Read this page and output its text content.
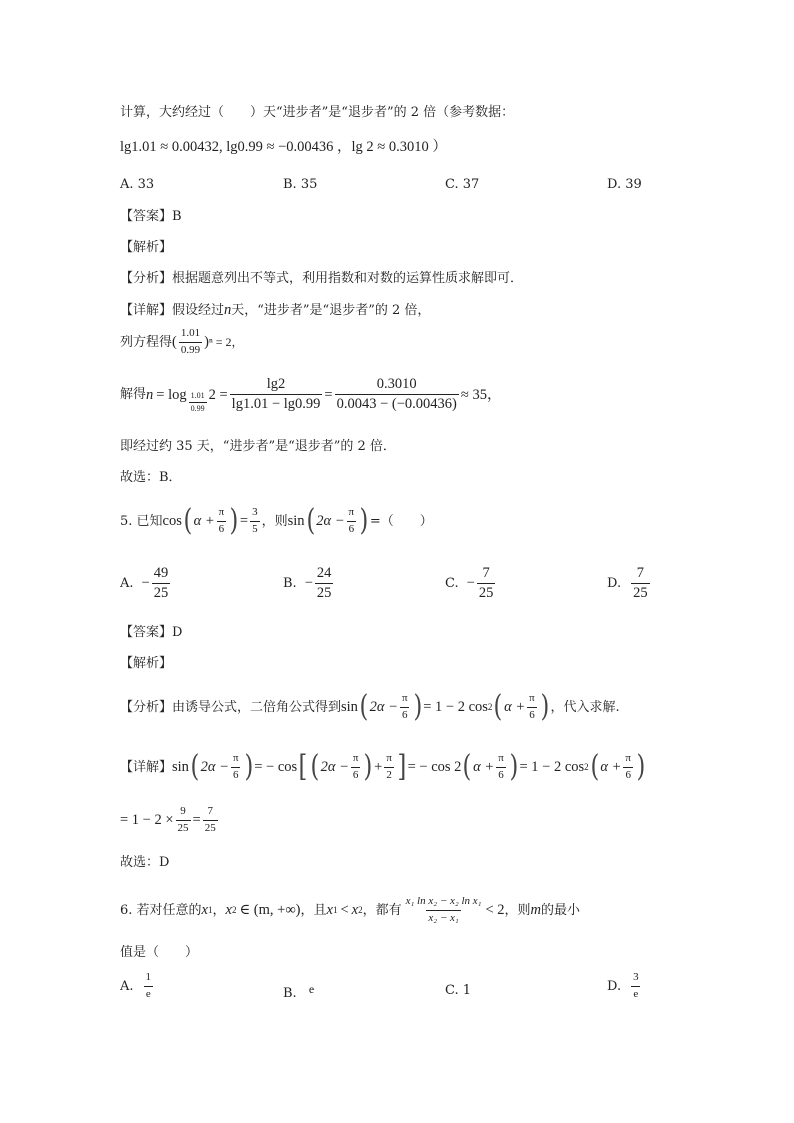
计算，大约经过（　　）天“进步者”是“退步者”的 2 倍（参考数据：
lg1.01 ≈ 0.00432, lg0.99 ≈ −0.00436 ，lg 2 ≈ 0.3010 ）
A. 33	B. 35	C. 37	D. 39
【答案】B
【解析】
【分析】根据题意列出不等式，利用指数和对数的运算性质求解即可．
【详解】假设经过n天，“进步者”是“退步者”的 2 倍，
列方程得 ( $\frac{1.01}{0.99}$ ) ⁿ = 2，
解得 $n = \log \frac{1.01}{0.99} 2 = \frac{\lg 2}{\lg 1.01 - \lg 0.99} = \frac{0.3010}{0.0043 - (-0.00436)} \approx 35$，
即经过约 35 天，“进步者”是“退步者”的 2 倍．
故选：B．
5. 已知 cos ( $\alpha + \frac{\pi}{6}$ ) = $\frac{3}{5}$ ，则 sin ( $2\alpha - \frac{\pi}{6}$ ) =（　　）
A. − $\frac{49}{25}$	B. − $\frac{24}{25}$	C. − $\frac{7}{25}$	D. $\frac{7}{25}$
【答案】D
【解析】
【分析】由诱导公式，二倍角公式得到 sin ( $2\alpha - \frac{\pi}{6}$ ) = 1 − 2 cos 2 ( $\alpha + \frac{\pi}{6}$ ) ，代入求解.
【详解】 sin ( $2\alpha - \frac{\pi}{6}$ ) = − cos [ ( $2\alpha - \frac{\pi}{6}$ ) + $\frac{\pi}{2}$ ] = − cos 2 ( $\alpha + \frac{\pi}{6}$ ) = 1 − 2 cos 2 ( $\alpha + \frac{\pi}{6}$ )
= $1 - 2 \times \frac{9}{25} = \frac{7}{25}$
故选：D
6. 若对任意的 x 1 ， x 2 ∈ (m, +∞) ，且 x 1 < x 2 ，都有 $\frac{\text{x₁ ln x₂ − x₂ ln x₁}}{\text{x₂ − x₁}} < 2$ ，则 m 的最小
值是（　　）
A. $\frac{1}{e}$	B. e	C. 1	D. $\frac{3}{e}$
